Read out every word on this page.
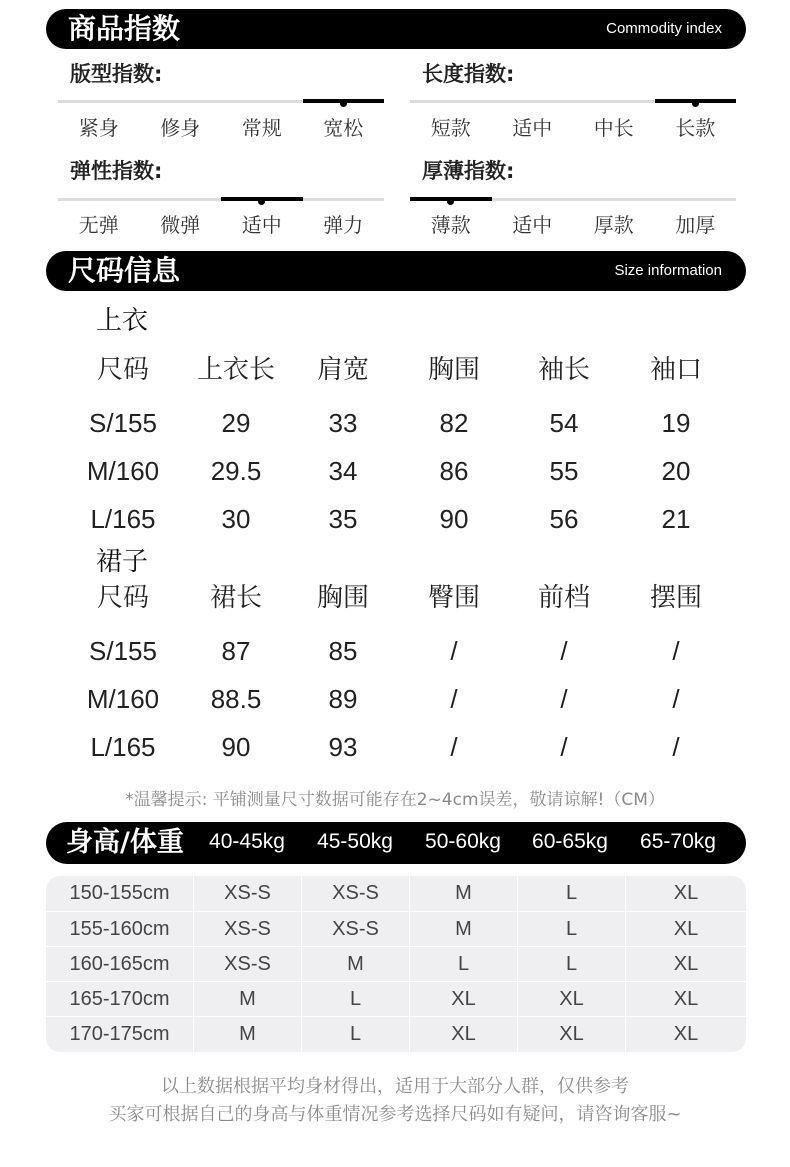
商品指数	Commodity index
版型指数:
紧身	修身	常规	宽松
长度指数:
短款	适中	中长	长款
弹性指数:
无弹	微弹	适中	弹力
厚薄指数:
薄款	适中	厚款	加厚
尺码信息	Size information
上衣
尺码	上衣长	肩宽	胸围	袖长	袖口
S/155	29	33	82	54	19
M/160	29.5	34	86	55	20
L/165	30	35	90	56	21
裙子
尺码	裙长	胸围	臀围	前档	摆围
S/155	87	85	/	/	/
M/160	88.5	89	/	/	/
L/165	90	93	/	/	/
*温馨提示: 平铺测量尺寸数据可能存在2~4cm误差，敬请谅解!（CM）
身高/体重	40-45kg	45-50kg	50-60kg	60-65kg	65-70kg
150-155cm	XS-S	XS-S	M	L	XL
155-160cm	XS-S	XS-S	M	L	XL
160-165cm	XS-S	M	L	L	XL
165-170cm	M	L	XL	XL	XL
170-175cm	M	L	XL	XL	XL
以上数据根据平均身材得出，适用于大部分人群，仅供参考
买家可根据自己的身高与体重情况参考选择尺码如有疑问，请咨询客服~
